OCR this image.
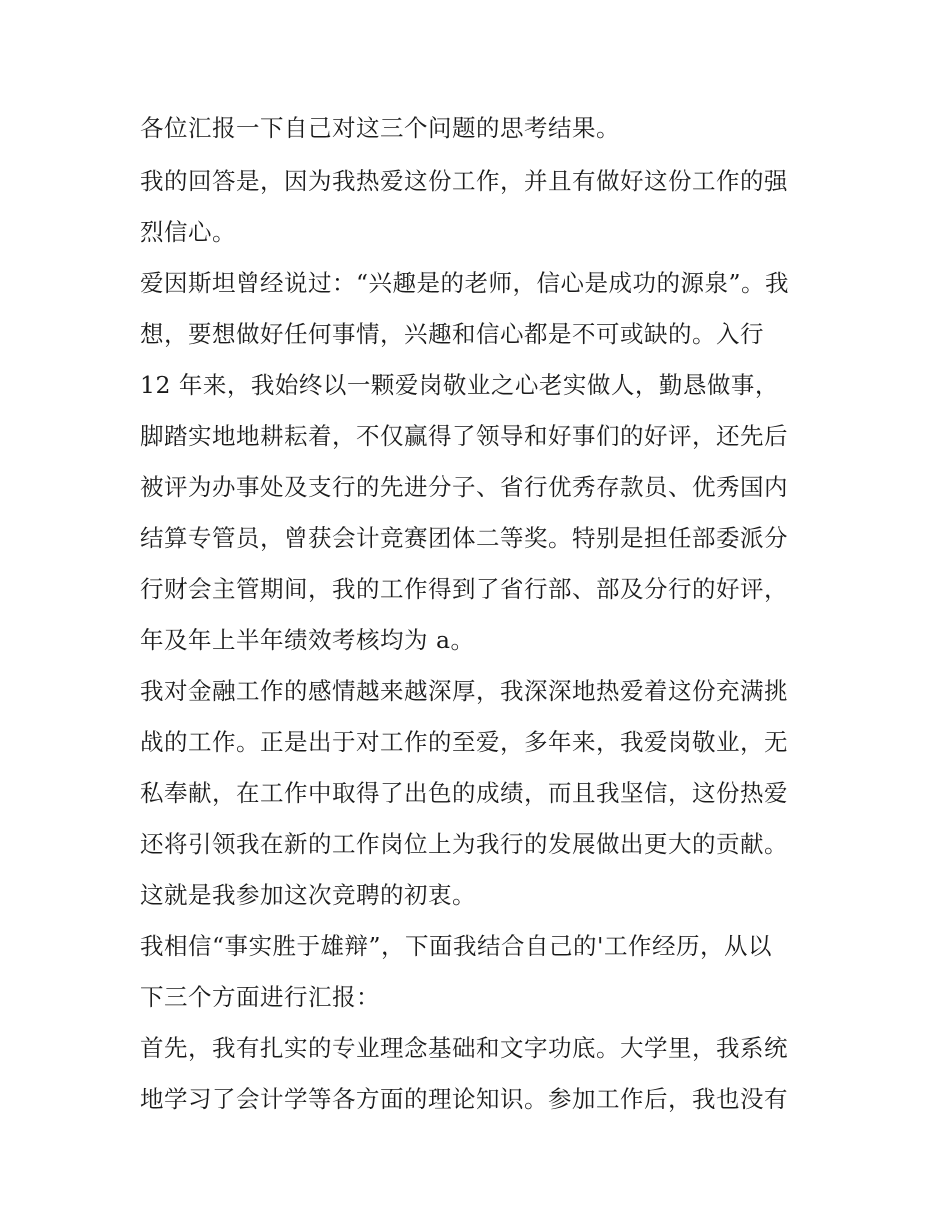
各位汇报一下自己对这三个问题的思考结果。
我的回答是，因为我热爱这份工作，并且有做好这份工作的强
烈信心。
爱因斯坦曾经说过：“兴趣是的老师，信心是成功的源泉”。我
想，要想做好任何事情，兴趣和信心都是不可或缺的。入行
12 年来，我始终以一颗爱岗敬业之心老实做人，勤恳做事，
脚踏实地地耕耘着，不仅赢得了领导和好事们的好评，还先后
被评为办事处及支行的先进分子、省行优秀存款员、优秀国内
结算专管员，曾获会计竞赛团体二等奖。特别是担任部委派分
行财会主管期间，我的工作得到了省行部、部及分行的好评，
年及年上半年绩效考核均为 a。
我对金融工作的感情越来越深厚，我深深地热爱着这份充满挑
战的工作。正是出于对工作的至爱，多年来，我爱岗敬业，无
私奉献，在工作中取得了出色的成绩，而且我坚信，这份热爱
还将引领我在新的工作岗位上为我行的发展做出更大的贡献。
这就是我参加这次竞聘的初衷。
我相信“事实胜于雄辩”，下面我结合自己的'工作经历，从以
下三个方面进行汇报：
首先，我有扎实的专业理念基础和文字功底。大学里，我系统
地学习了会计学等各方面的理论知识。参加工作后，我也没有
